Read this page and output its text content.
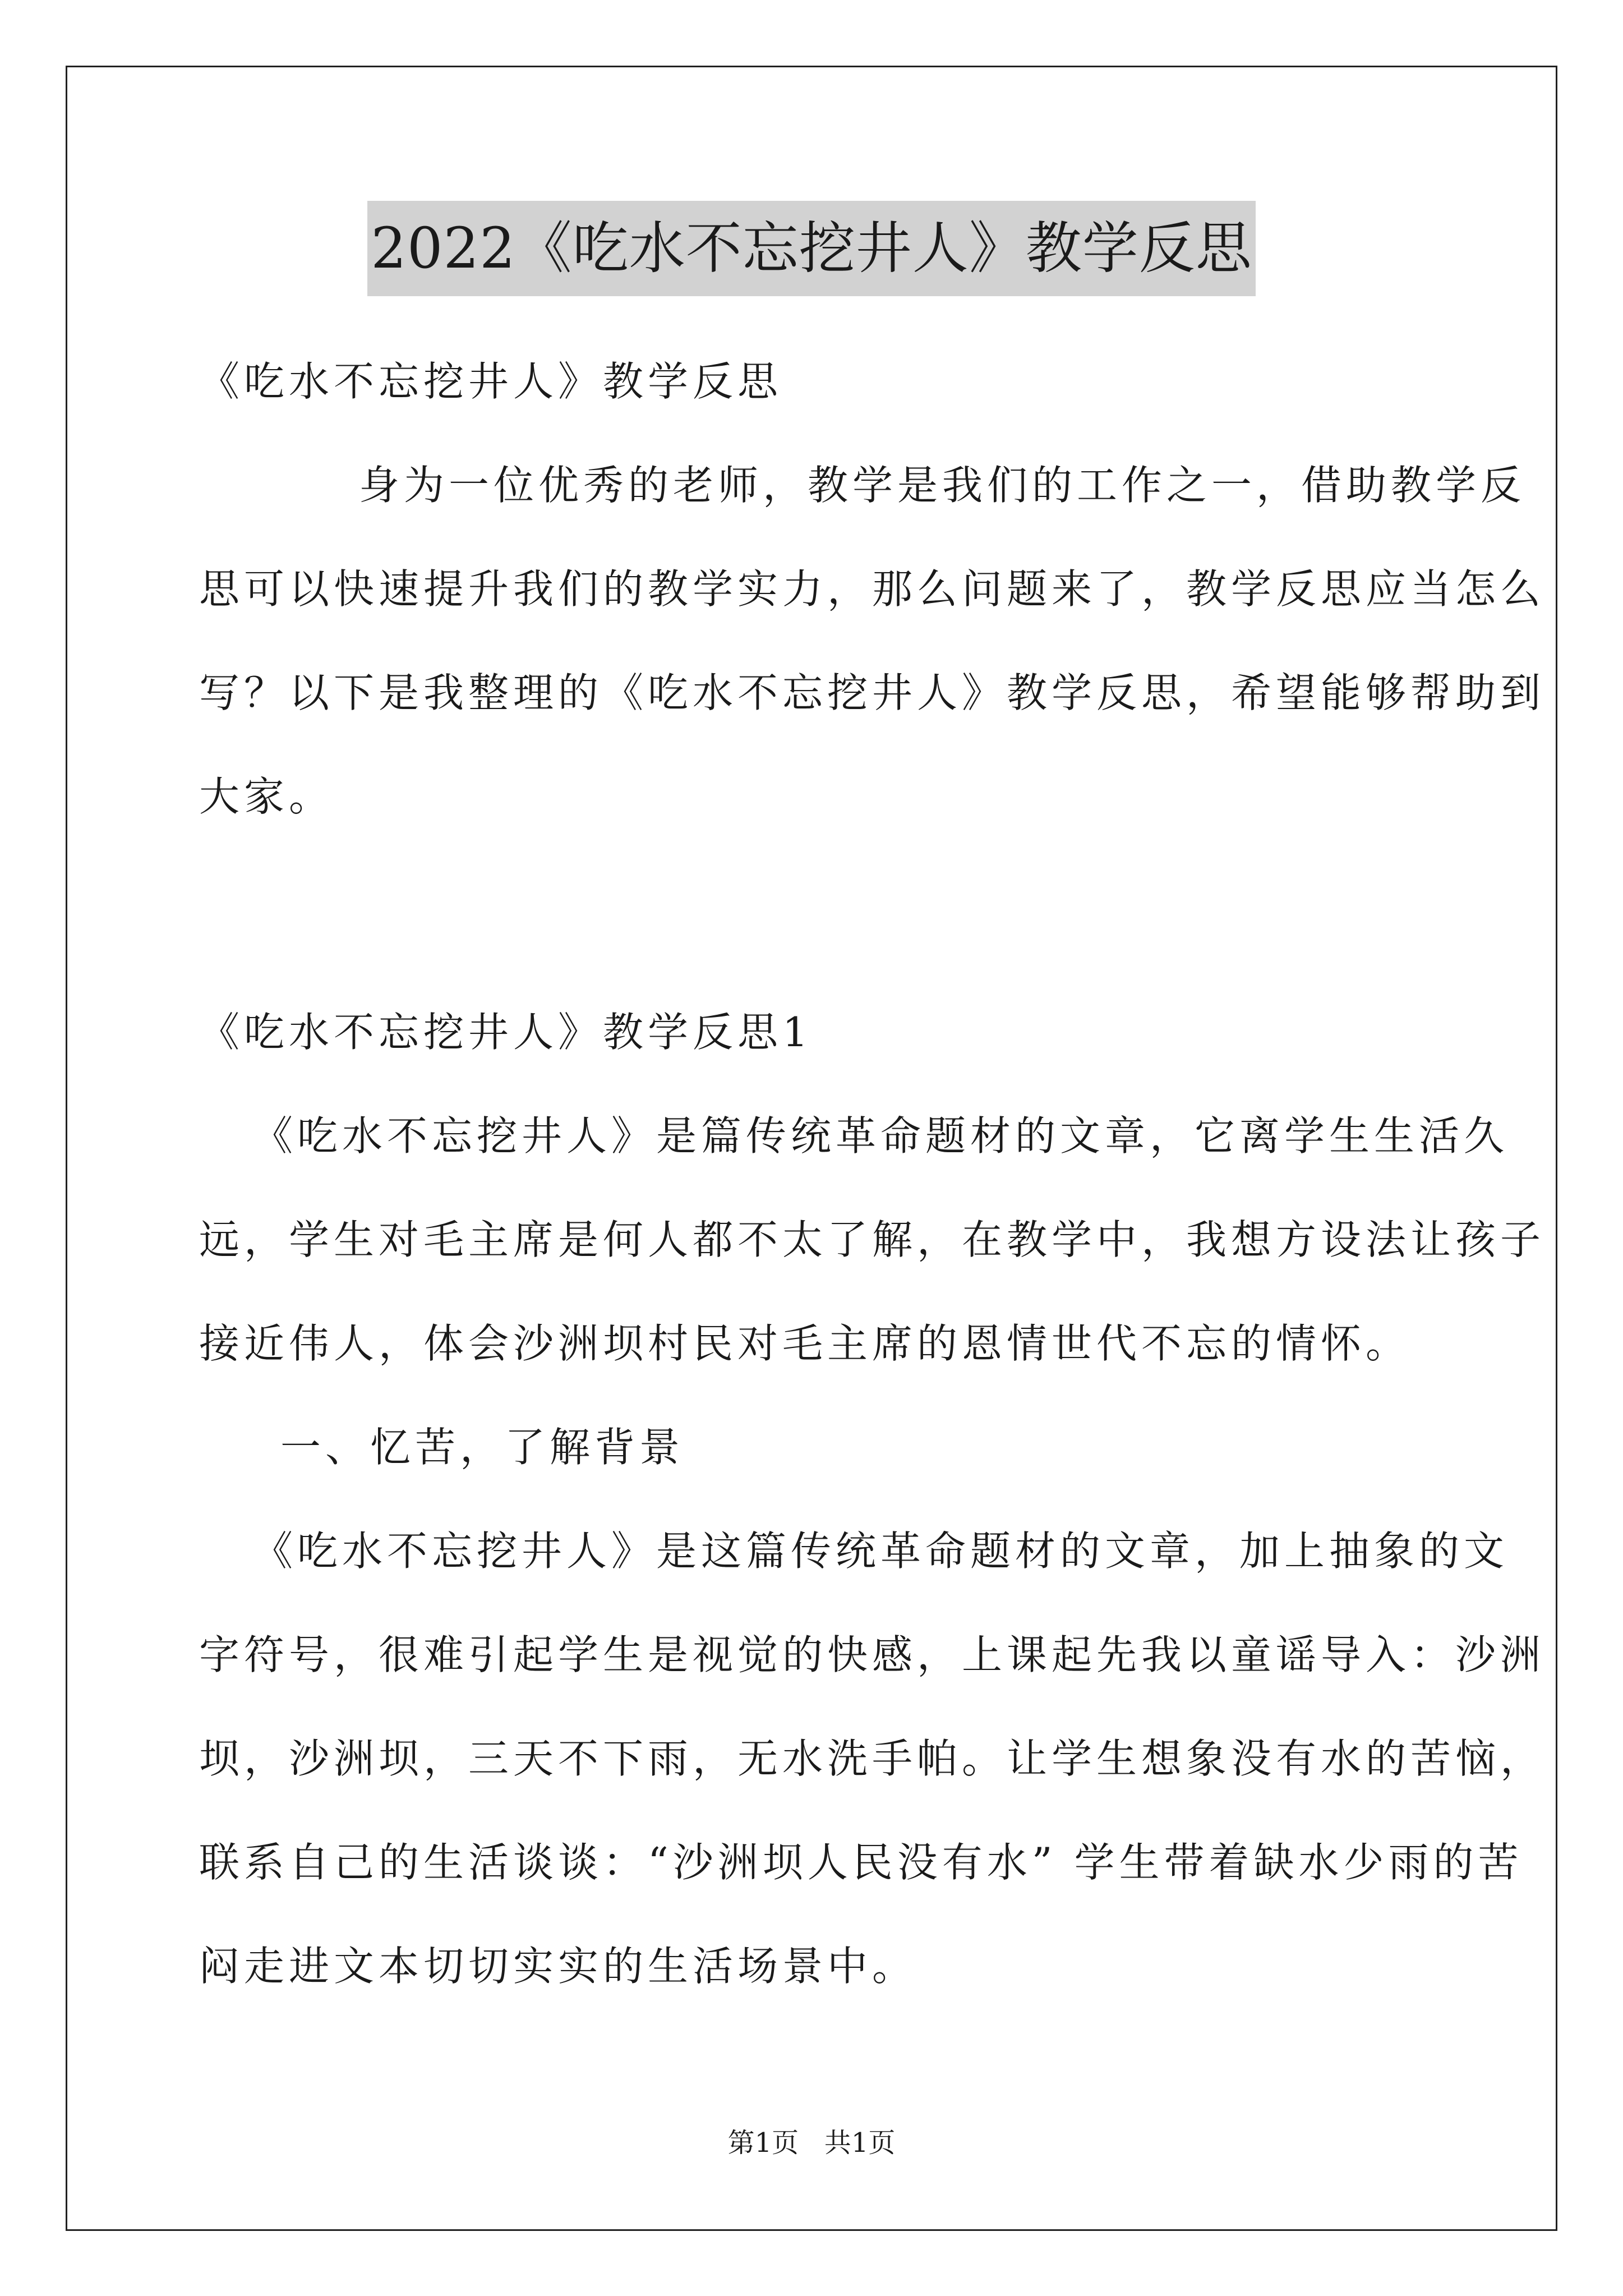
2022《吃水不忘挖井人》教学反思
《吃水不忘挖井人》教学反思
身为一位优秀的老师，教学是我们的工作之一，借助教学反
思可以快速提升我们的教学实力，那么问题来了，教学反思应当怎么
写？以下是我整理的《吃水不忘挖井人》教学反思，希望能够帮助到
大家。
《吃水不忘挖井人》教学反思1
《吃水不忘挖井人》是篇传统革命题材的文章，它离学生生活久
远，学生对毛主席是何人都不太了解，在教学中，我想方设法让孩子
接近伟人，体会沙洲坝村民对毛主席的恩情世代不忘的情怀。
一、忆苦，了解背景
《吃水不忘挖井人》是这篇传统革命题材的文章，加上抽象的文
字符号，很难引起学生是视觉的快感，上课起先我以童谣导入：沙洲
坝，沙洲坝，三天不下雨，无水洗手帕。让学生想象没有水的苦恼，
联系自己的生活谈谈：“沙洲坝人民没有水” 学生带着缺水少雨的苦
闷走进文本切切实实的生活场景中。
第1页   共1页
